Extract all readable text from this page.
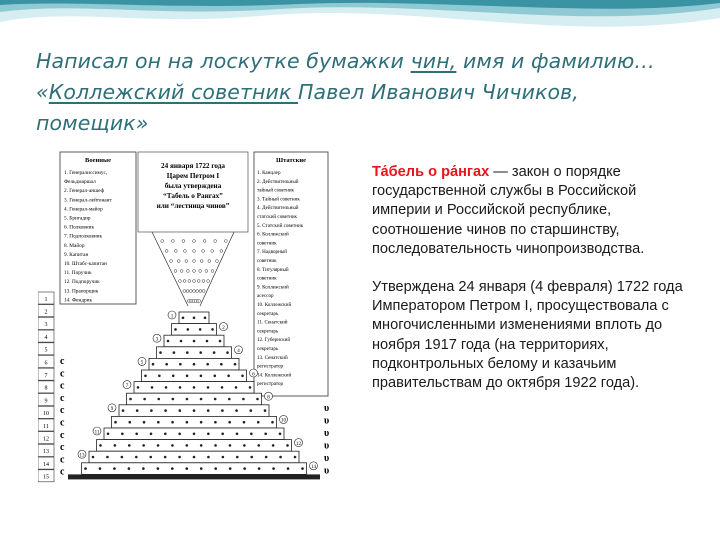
Написал он на лоскутке бумажки чин, имя и фамилию… «Коллежский советник Павел Иванович Чичиков, помещик»
Военные	Штатские
24 января 1722 года
Царем Петром I
была утверждена
“Табель о Рангах”
или “лестница чинов”
1. Генералиссимус,
Фельдмаршал
2. Генерал-аншеф
3. Генерал-лейтенант
4. Генерал-майор
5. Бригадир
6. Полковник
7. Подполковник
8. Майор
9. Капитан
10. Штабс-капитан
11. Поручик
12. Подпоручик
13. Прапорщик
14. Фендрик
1. Канцлер
2. Действительный
тайный советник
3. Тайный советник
4. Действительный
статский советник
5. Статский советник
6. Коллежский
советник
7. Надворный
советник
8. Титулярный
советник
9. Коллежский
асессор
10. Коллежский
секретарь
11. Сенатский
секретарь
12. Губернский
секретарь
13. Сенатский
регистратор
14. Коллежский
регистратор
1
2
3
4
5
6
7
8
9
10
11
12
13
14
15
с
с
с
с
с
с
с
с
с
с
υ
υ
υ
υ
υ
υ
1
2
3
4
5
6
7
8
9
10
11
12
13
14

Та́бель о ра́нгах — закон о порядке государственной службы в Российской империи и Российской республике, соотношение чинов по старшинству, последовательность чинопроизводства.

Утверждена 24 января (4 февраля) 1722 года Императором Петром I, просуществовала с многочисленными изменениями вплоть до ноября 1917 года (на территориях, подконтрольных белому и казачьим правительствам до октября 1922 года).
